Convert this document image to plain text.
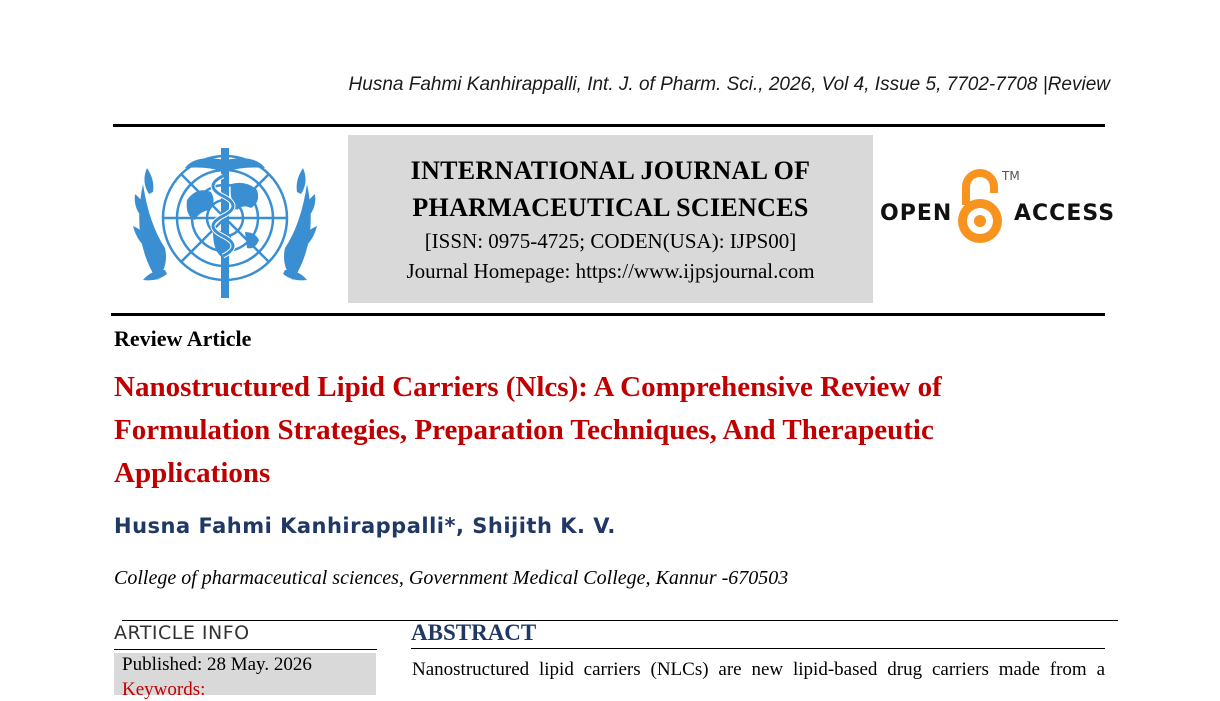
Husna Fahmi Kanhirappalli, Int. J. of Pharm. Sci., 2026, Vol 4, Issue 5, 7702-7708 |Review
INTERNATIONAL JOURNAL OF
PHARMACEUTICAL SCIENCES
[ISSN: 0975-4725; CODEN(USA): IJPS00]
Journal Homepage: https://www.ijpsjournal.com
OPEN
TM
ACCESS
Review Article
Nanostructured Lipid Carriers (Nlcs): A Comprehensive Review of Formulation Strategies, Preparation Techniques, And Therapeutic Applications
Husna Fahmi Kanhirappalli*, Shijith K. V.
College of pharmaceutical sciences, Government Medical College, Kannur -670503
ARTICLE INFO
Published: 28 May. 2026
Keywords:
ABSTRACT
Nanostructured lipid carriers (NLCs) are new lipid-based drug carriers made from a
